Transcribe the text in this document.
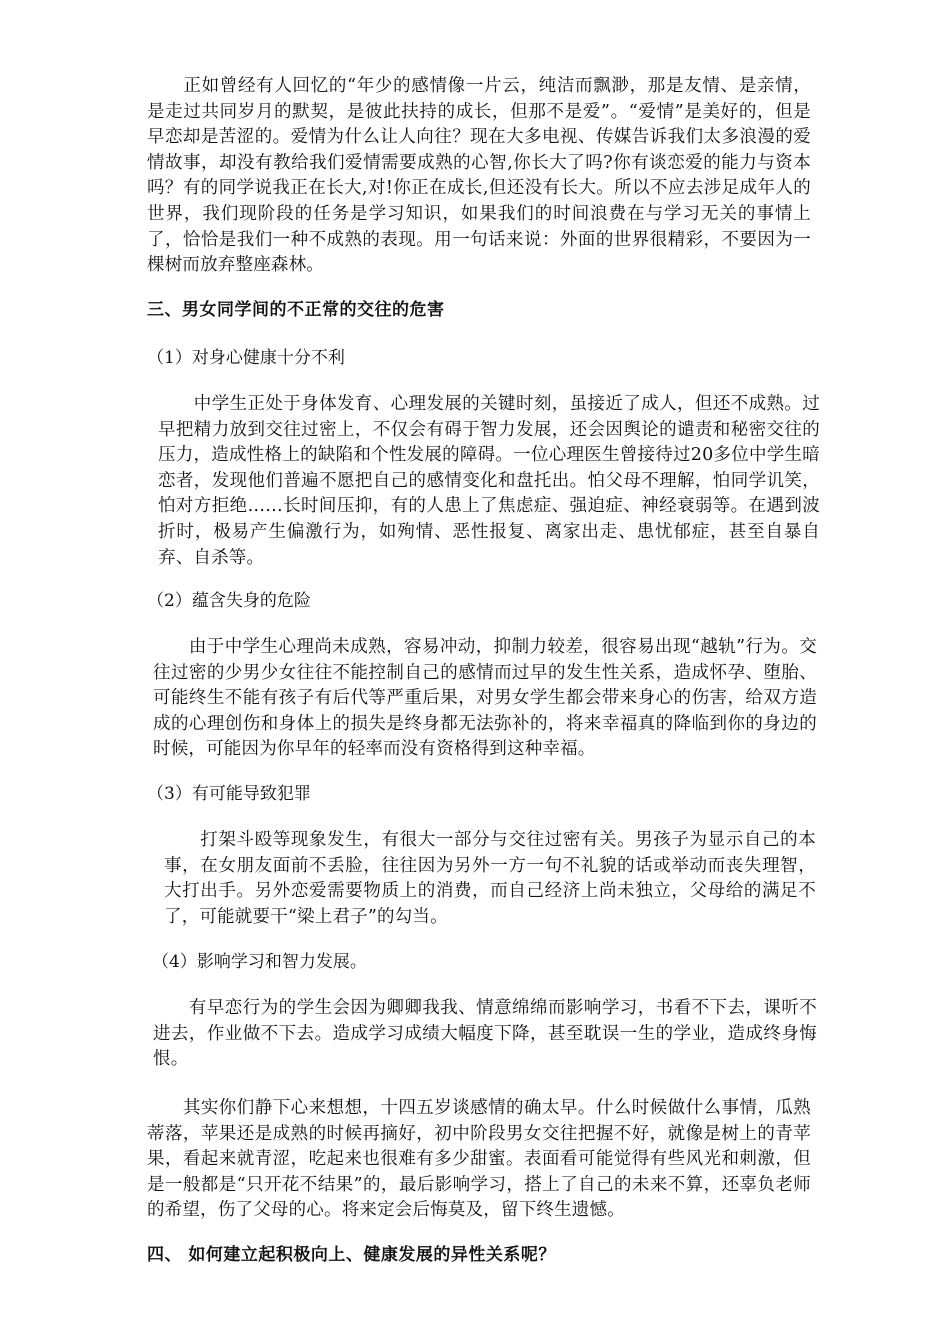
　　正如曾经有人回忆的“年少的感情像一片云，纯洁而飘渺，那是友情、是亲情，是走过共同岁月的默契，是彼此扶持的成长，但那不是爱”。“爱情”是美好的，但是早恋却是苦涩的。爱情为什么让人向往？现在大多电视、传媒告诉我们太多浪漫的爱情故事，却没有教给我们爱情需要成熟的心智,你长大了吗?你有谈恋爱的能力与资本吗？有的同学说我正在长大,对!你正在成长,但还没有长大。所以不应去涉足成年人的世界，我们现阶段的任务是学习知识，如果我们的时间浪费在与学习无关的事情上了，恰恰是我们一种不成熟的表现。用一句话来说：外面的世界很精彩，不要因为一棵树而放弃整座森林。

三、男女同学间的不正常的交往的危害

（1）对身心健康十分不利

　　中学生正处于身体发育、心理发展的关键时刻，虽接近了成人，但还不成熟。过早把精力放到交往过密上，不仅会有碍于智力发展，还会因舆论的谴责和秘密交往的压力，造成性格上的缺陷和个性发展的障碍。一位心理医生曾接待过20多位中学生暗恋者，发现他们普遍不愿把自己的感情变化和盘托出。怕父母不理解，怕同学讥笑，怕对方拒绝……长时间压抑，有的人患上了焦虑症、强迫症、神经衰弱等。在遇到波折时，极易产生偏激行为，如殉情、恶性报复、离家出走、患忧郁症，甚至自暴自弃、自杀等。

（2）蕴含失身的危险

　　由于中学生心理尚未成熟，容易冲动，抑制力较差，很容易出现“越轨”行为。交往过密的少男少女往往不能控制自己的感情而过早的发生性关系，造成怀孕、堕胎、可能终生不能有孩子有后代等严重后果，对男女学生都会带来身心的伤害，给双方造成的心理创伤和身体上的损失是终身都无法弥补的，将来幸福真的降临到你的身边的时候，可能因为你早年的轻率而没有资格得到这种幸福。

（3）有可能导致犯罪

　　打架斗殴等现象发生，有很大一部分与交往过密有关。男孩子为显示自己的本事，在女朋友面前不丢脸，往往因为另外一方一句不礼貌的话或举动而丧失理智，大打出手。另外恋爱需要物质上的消费，而自己经济上尚未独立，父母给的满足不了，可能就要干“梁上君子”的勾当。

（4）影响学习和智力发展。

　　有早恋行为的学生会因为卿卿我我、情意绵绵而影响学习，书看不下去，课听不进去，作业做不下去。造成学习成绩大幅度下降，甚至耽误一生的学业，造成终身悔恨。

　　其实你们静下心来想想，十四五岁谈感情的确太早。什么时候做什么事情，瓜熟蒂落，苹果还是成熟的时候再摘好，初中阶段男女交往把握不好，就像是树上的青苹果，看起来就青涩，吃起来也很难有多少甜蜜。表面看可能觉得有些风光和刺激，但是一般都是“只开花不结果”的，最后影响学习，搭上了自己的未来不算，还辜负老师的希望，伤了父母的心。将来定会后悔莫及，留下终生遗憾。

四、 如何建立起积极向上、健康发展的异性关系呢？
